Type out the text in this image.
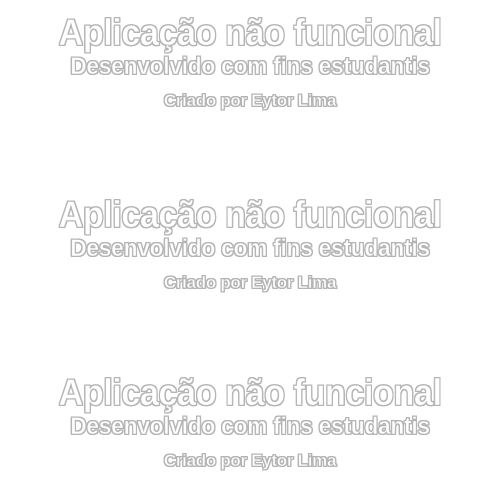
Aplicação não funcional
Desenvolvido com fins estudantis
Criado por Eytor Lima
Aplicação não funcional
Desenvolvido com fins estudantis
Criado por Eytor Lima
Aplicação não funcional
Desenvolvido com fins estudantis
Criado por Eytor Lima
